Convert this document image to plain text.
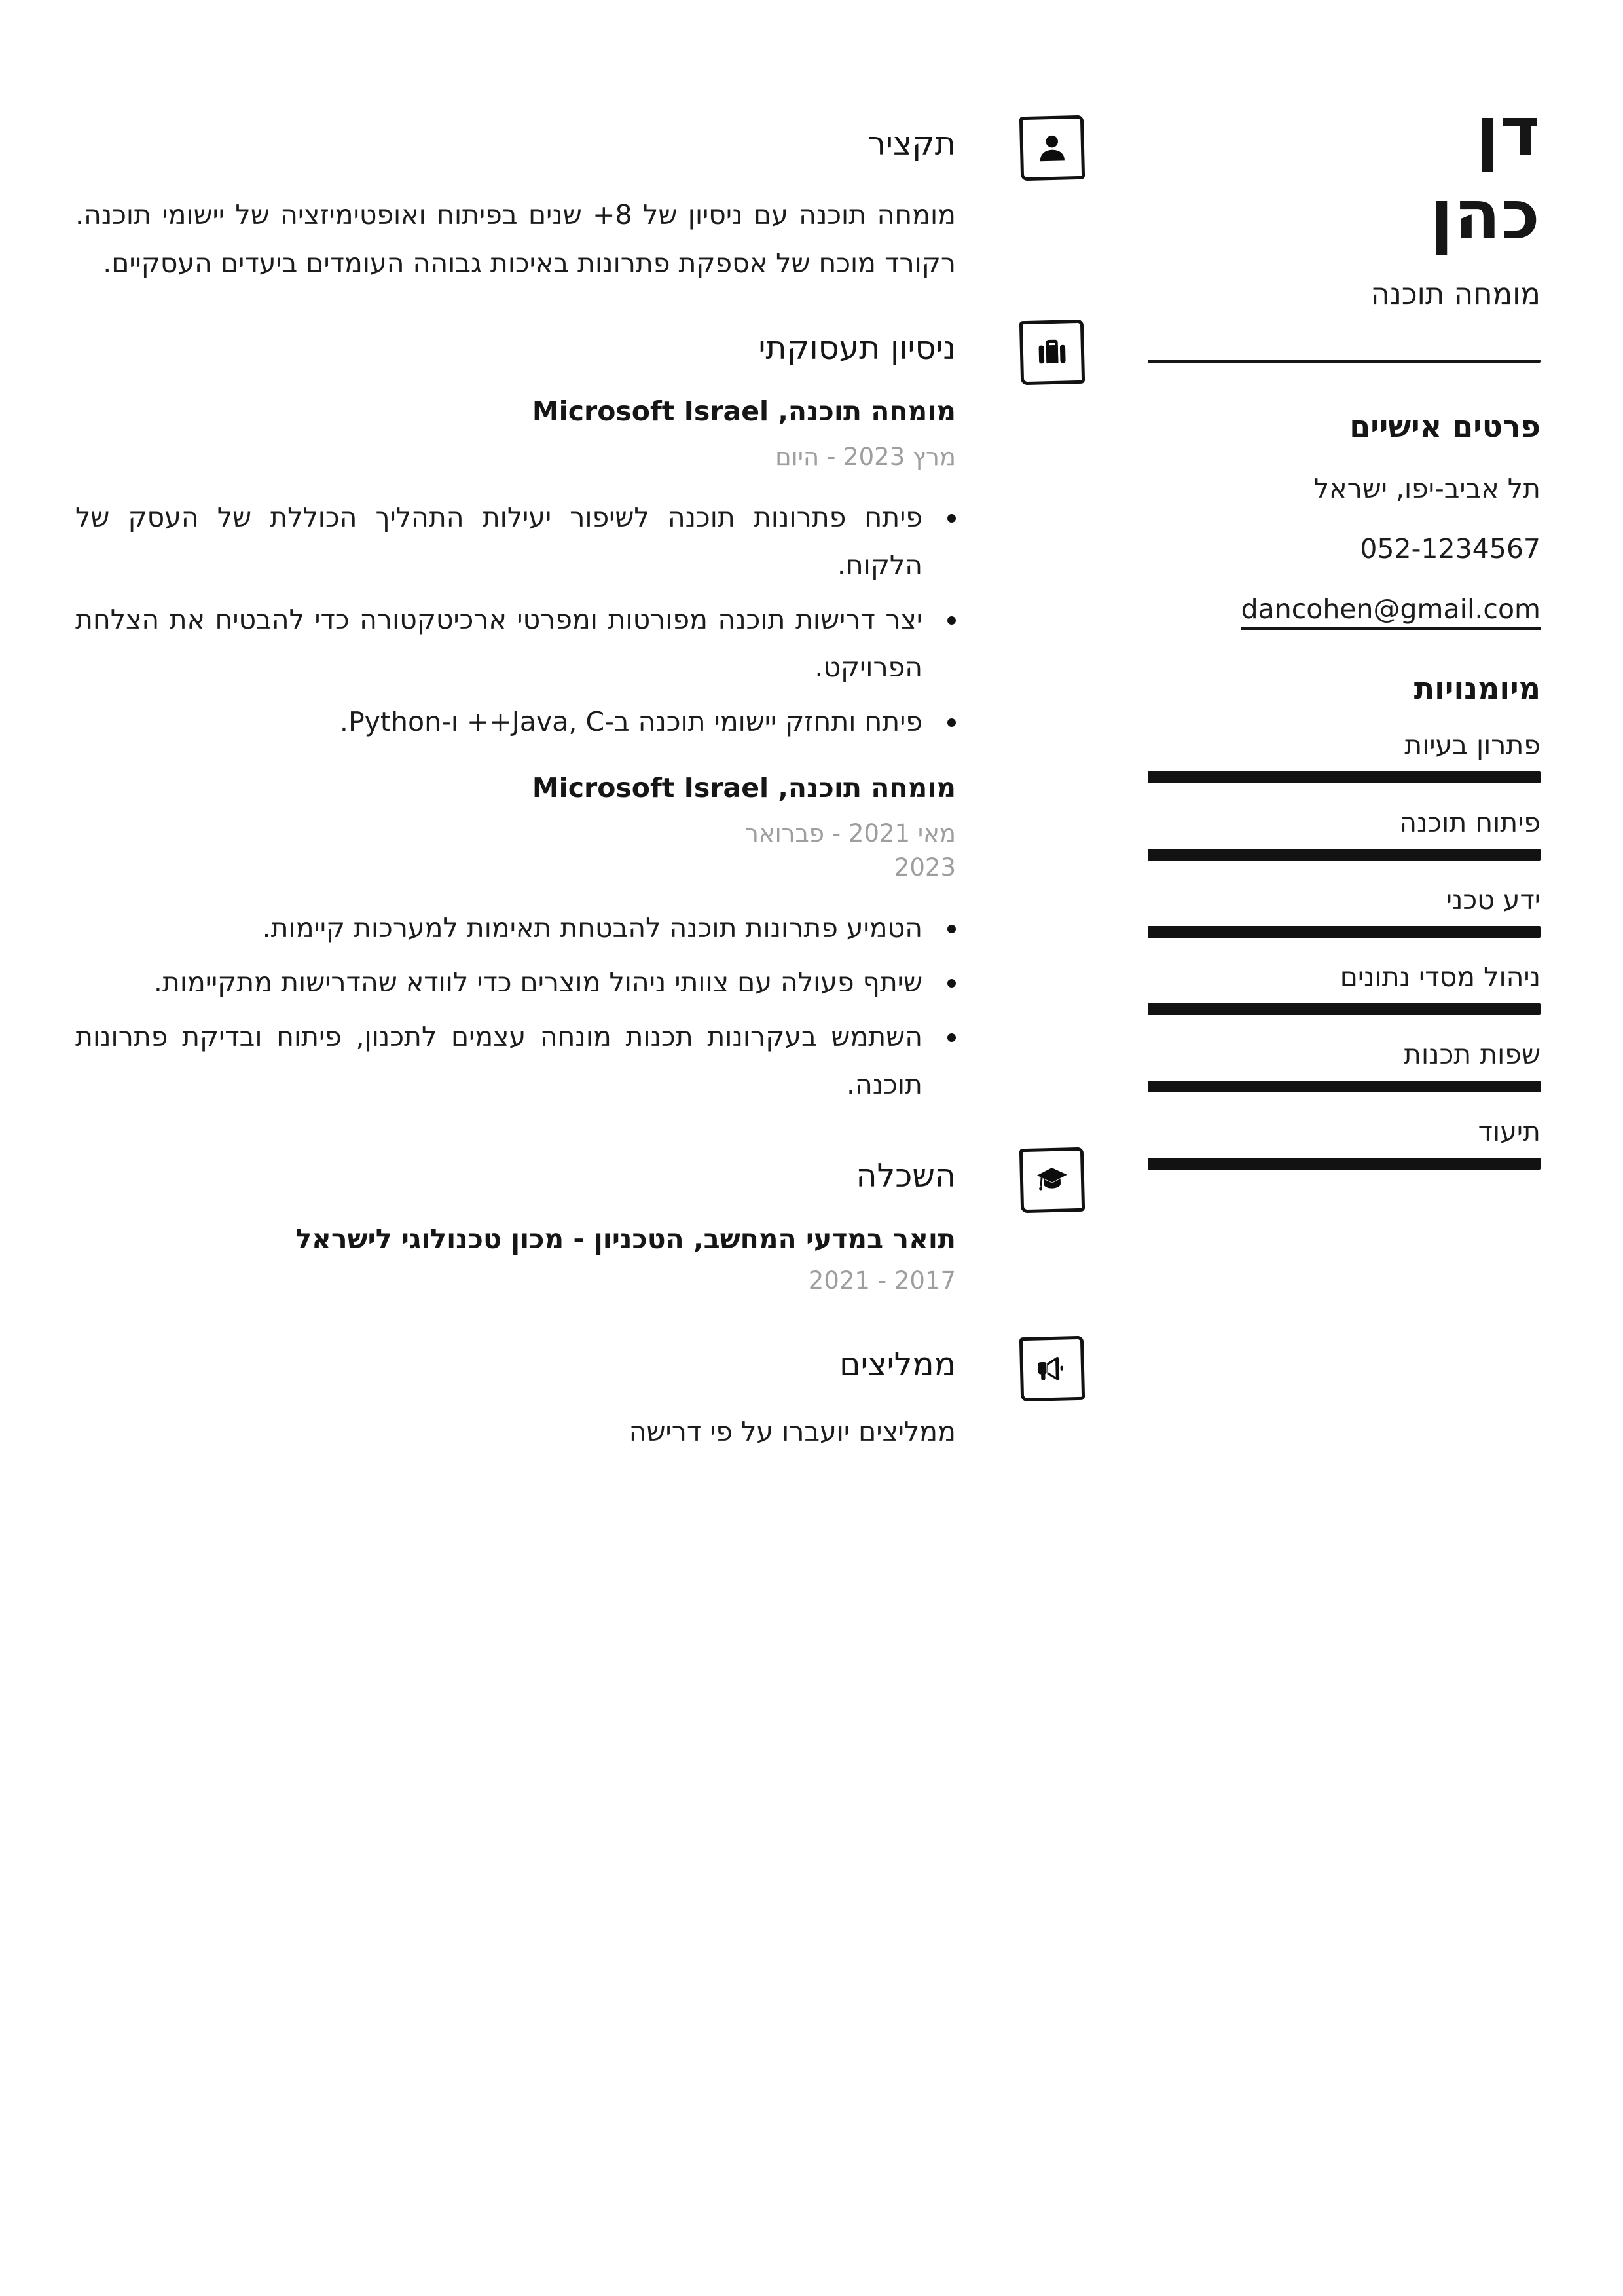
דן
כהן
מומחה תוכנה
פרטים אישיים
תל אביב-יפו, ישראל
052-1234567
dancohen@gmail.com
מיומנויות
פתרון בעיות
פיתוח תוכנה
ידע טכני
ניהול מסדי נתונים
שפות תכנות
תיעוד
תקציר

מומחה תוכנה עם ניסיון של 8+ שנים בפיתוח ואופטימיזציה של יישומי תוכנה. רקורד מוכח של אספקת פתרונות באיכות גבוהה העומדים ביעדים העסקיים.

ניסיון תעסוקתי
מומחה תוכנה, Microsoft Israel
מרץ 2023 - היום
פיתח פתרונות תוכנה לשיפור יעילות התהליך הכוללת של העסק של הלקוח.
יצר דרישות תוכנה מפורטות ומפרטי ארכיטקטורה כדי להבטיח את הצלחת הפרויקט.
פיתח ותחזק יישומי תוכנה ב-Java, C++ ו-Python.
מומחה תוכנה, Microsoft Israel
מאי 2021 - פברואר 2023
הטמיע פתרונות תוכנה להבטחת תאימות למערכות קיימות.
שיתף פעולה עם צוותי ניהול מוצרים כדי לוודא שהדרישות מתקיימות.
השתמש בעקרונות תכנות מונחה עצמים לתכנון, פיתוח ובדיקת פתרונות תוכנה.
השכלה
תואר במדעי המחשב, הטכניון - מכון טכנולוגי לישראל
2017 - 2021
ממליצים
ממליצים יועברו על פי דרישה
